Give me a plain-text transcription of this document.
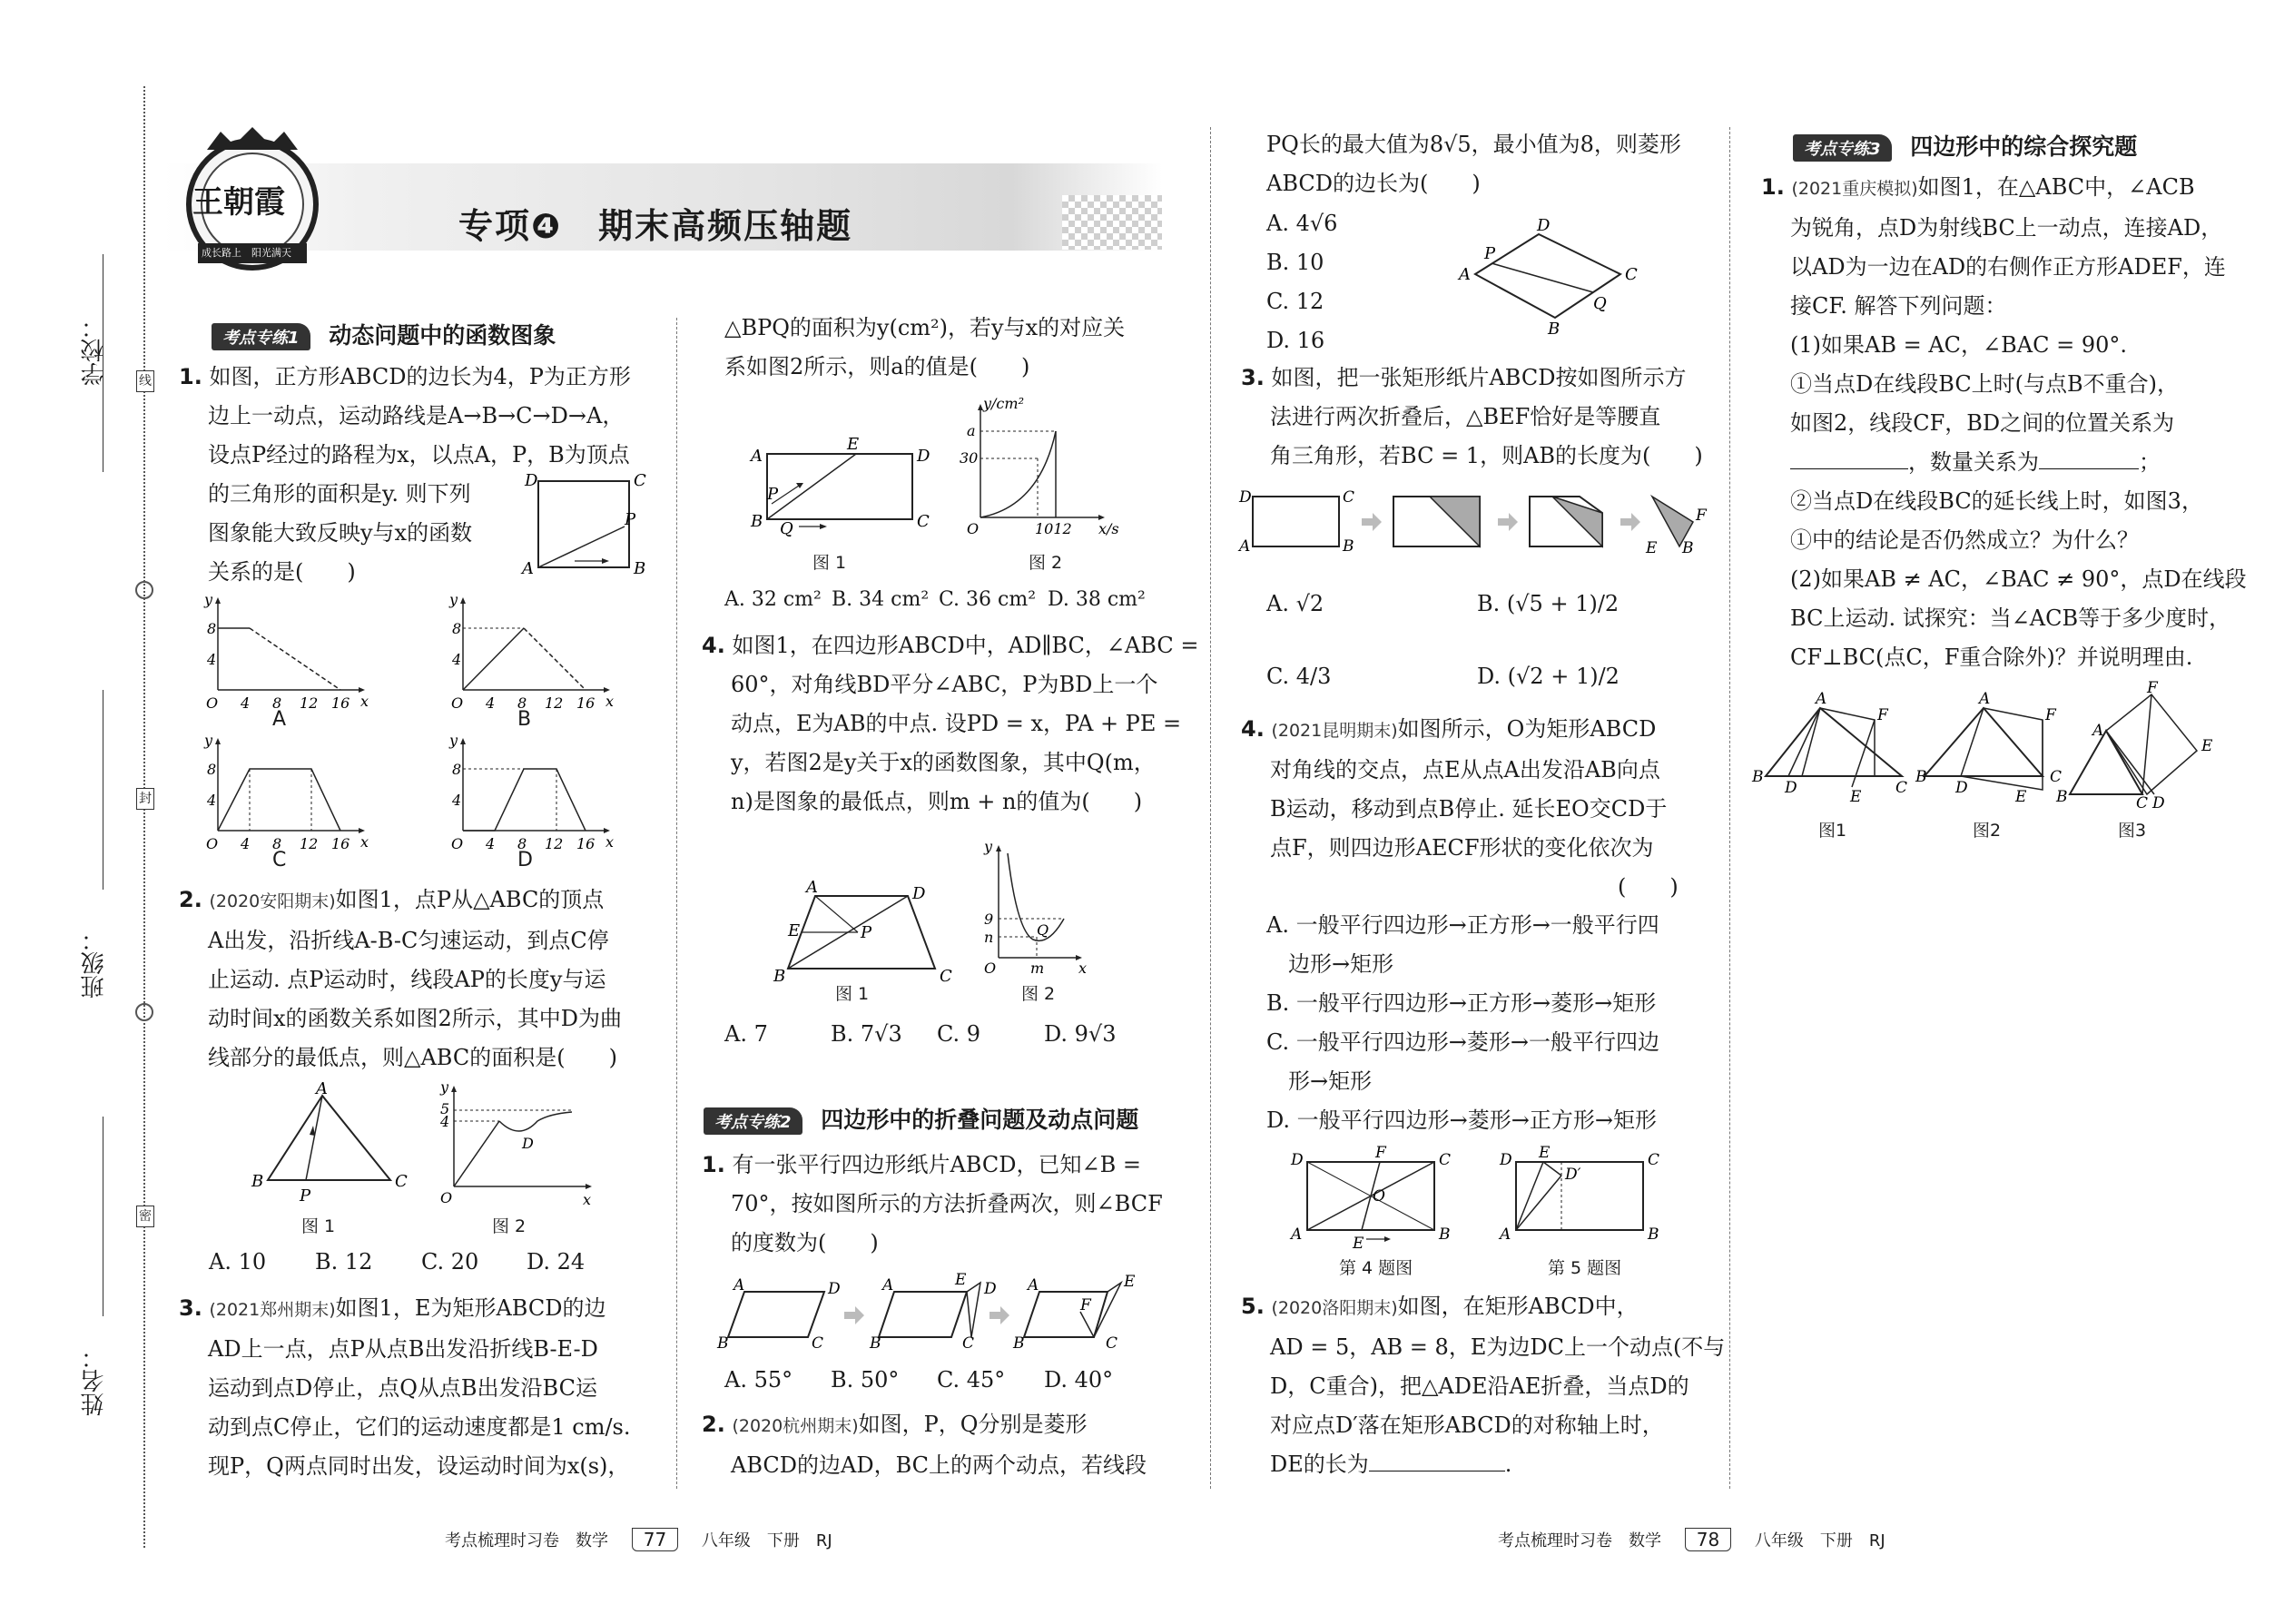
学校：
班级：
姓名：
线
封
密
王朝霞
成长路上　阳光满天
专项❹　期末高频压轴题
考点专练1 动态问题中的函数图象
1. 如图，正方形ABCD的边长为4，P为正方形
边上一动点，运动路线是A→B→C→D→A，
设点P经过的路程为x，以点A，P，B为顶点
的三角形的面积是y. 则下列
图象能大致反映y与x的函数
关系的是(　　)
D	C
A	B
P
y
8
4
O 4 8 12 16 x
A
y
8
4
O 4 8 12 16 x
B
y
8
4
O 4 8 12 16 x
C
y
8
4
O 4 8 12 16 x
D
2. (2020安阳期末)如图1，点P从△ABC的顶点
A出发，沿折线A-B-C匀速运动，到点C停
止运动. 点P运动时，线段AP的长度y与运
动时间x的函数关系如图2所示，其中D为曲
线部分的最低点，则△ABC的面积是(　　)
A
B	C
P
图 1
y
5
4
D
O	x
图 2
A. 10 B. 12 C. 20 D. 24
3. (2021郑州期末)如图1，E为矩形ABCD的边
AD上一点，点P从点B出发沿折线B-E-D
运动到点D停止，点Q从点B出发沿BC运
动到点C停止，它们的运动速度都是1 cm/s.
现P，Q两点同时出发，设运动时间为x(s)，
△BPQ的面积为y(cm²)，若y与x的对应关
系如图2所示，则a的值是(　　)
A
E
D
P
B Q	C
图 1
y/cm²
a
30
O	1012 x/s
图 2
A. 32 cm² B. 34 cm² C. 36 cm² D. 38 cm²
4. 如图1，在四边形ABCD中，AD∥BC，∠ABC =
60°，对角线BD平分∠ABC，P为BD上一个
动点，E为AB的中点. 设PD = x，PA + PE =
y，若图2是y关于x的函数图象，其中Q(m，
n)是图象的最低点，则m + n的值为(　　)
A	D
E	P
B	C
图 1
y
9
n	Q
O m x
图 2
A. 7	B. 7√3 C. 9	D. 9√3
考点专练2 四边形中的折叠问题及动点问题
1. 有一张平行四边形纸片ABCD，已知∠B =
70°，按如图所示的方法折叠两次，则∠BCF
的度数为(　　)
A	D
B	C
A	E D
B	C
A
F
E
B	C
A. 55° B. 50° C. 45° D. 40°
2. (2020杭州期末)如图，P，Q分别是菱形
ABCD的边AD，BC上的两个动点，若线段
PQ长的最大值为8√5，最小值为8，则菱形
ABCD的边长为(　　)
A. 4√6
B. 10
C. 12
D. 16
A
P
D
C
Q
B
3. 如图，把一张矩形纸片ABCD按如图所示方
法进行两次折叠后，△BEF恰好是等腰直
角三角形，若BC = 1，则AB的长度为(　　)
D	C
A	B
F
E B
A. √2	B. (√5 + 1)/2
C. 4/3	D. (√2 + 1)/2
4. (2021昆明期末)如图所示，O为矩形ABCD
对角线的交点，点E从点A出发沿AB向点
B运动，移动到点B停止. 延长EO交CD于
点F，则四边形AECF形状的变化依次为
(　　)
A. 一般平行四边形→正方形→一般平行四
边形→矩形
B. 一般平行四边形→正方形→菱形→矩形
C. 一般平行四边形→菱形→一般平行四边
形→矩形
D. 一般平行四边形→菱形→正方形→矩形
D	F	C
O
A	E	B
第 4 题图
D E	C
D′
A	B
第 5 题图
5. (2020洛阳期末)如图，在矩形ABCD中，
AD = 5，AB = 8，E为边DC上一个动点(不与
D，C重合)，把△ADE沿AE折叠，当点D的
对应点D′落在矩形ABCD的对称轴上时，
DE的长为	.
考点专练3 四边形中的综合探究题
1. (2021重庆模拟)如图1，在△ABC中，∠ACB
为锐角，点D为射线BC上一动点，连接AD，
以AD为一边在AD的右侧作正方形ADEF，连
接CF. 解答下列问题：
(1)如果AB = AC，∠BAC = 90°.
①当点D在线段BC上时(与点B不重合)，
如图2，线段CF，BD之间的位置关系为
，数量关系为	；
②当点D在线段BC的延长线上时，如图3，
①中的结论是否仍然成立？为什么？
(2)如果AB ≠ AC，∠BAC ≠ 90°，点D在线段
BC上运动. 试探究：当∠ACB等于多少度时，
CF⊥BC(点C，F重合除外)？并说明理由.
A
F
B
D	C
E
图1
A
F
B
D
C
E
图2
F
E
A
B	C D
图3
考点梳理时习卷　数学 77 八年级　下册　RJ	考点梳理时习卷　数学 78 八年级　下册　RJ
